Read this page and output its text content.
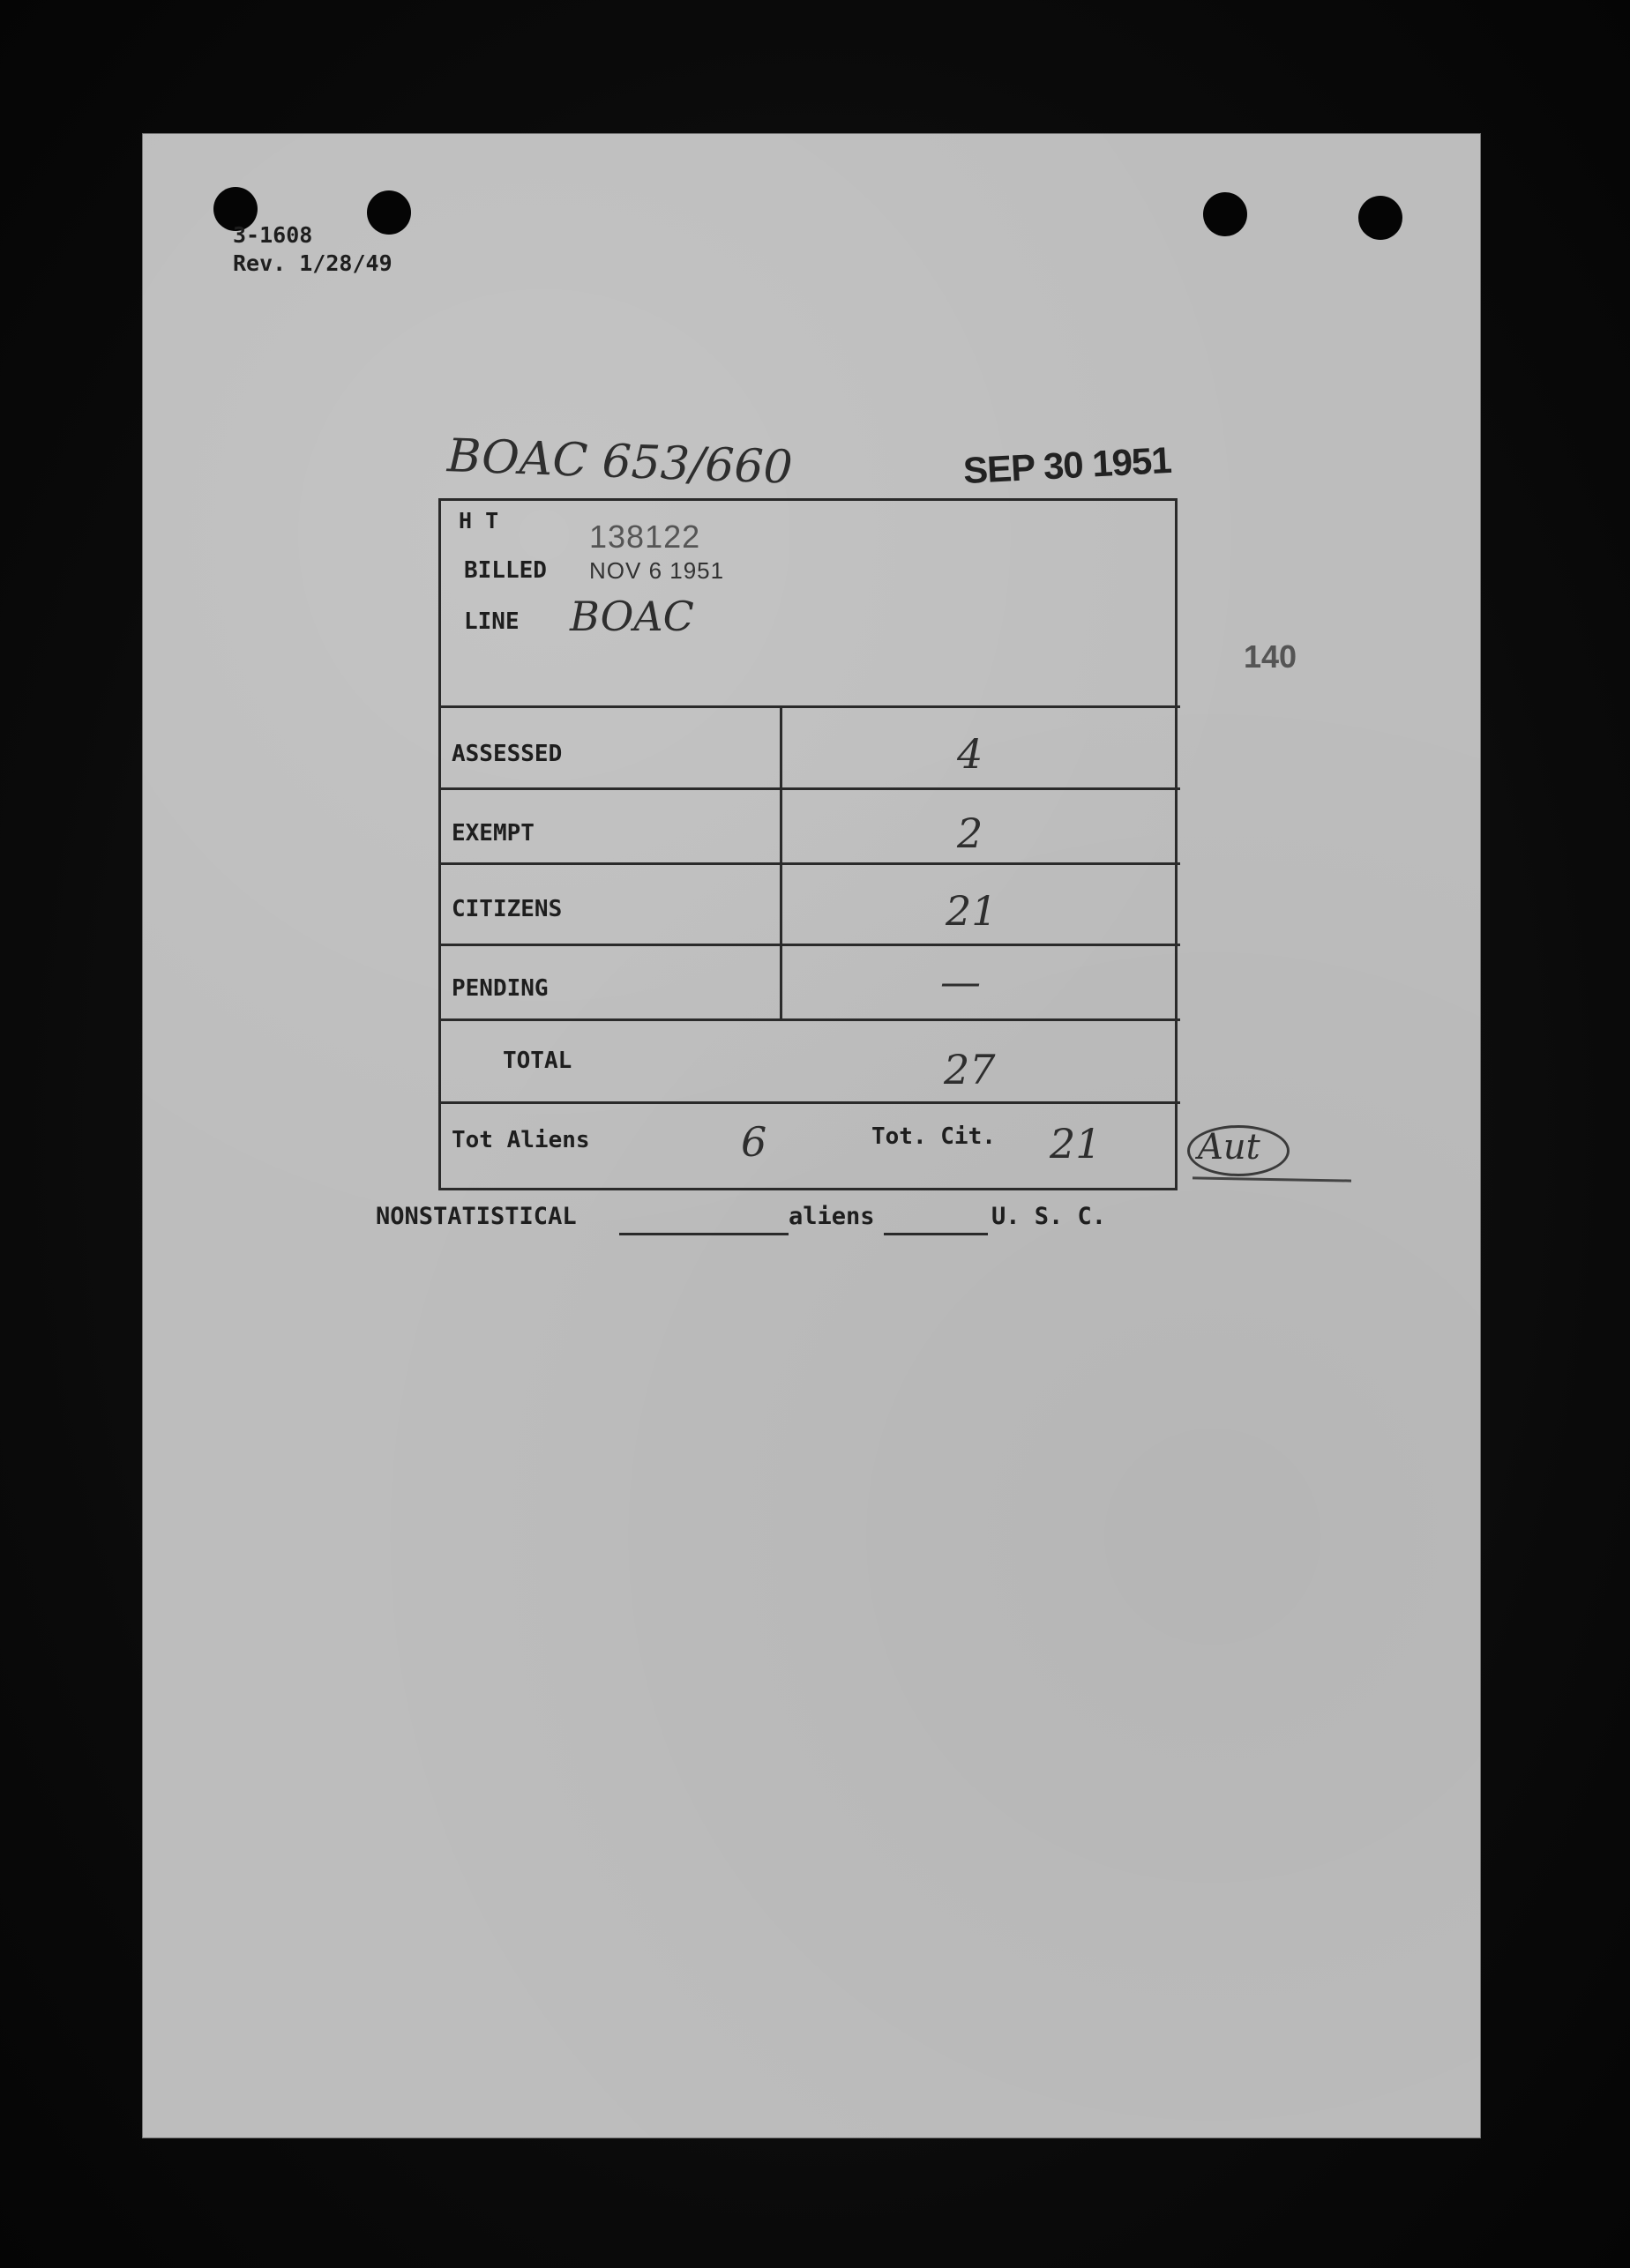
3-1608
Rev. 1/28/49
BOAC 653/660	SEP 30 1951
140
Aut
NONSTATISTICAL	aliens	U. S. C.
H T	138122
BILLED NOV 6 1951
LINE BOAC
ASSESSED	4
EXEMPT	2
CITIZENS	21
PENDING	—
TOTAL	27
Tot Aliens	6	Tot. Cit. 21
